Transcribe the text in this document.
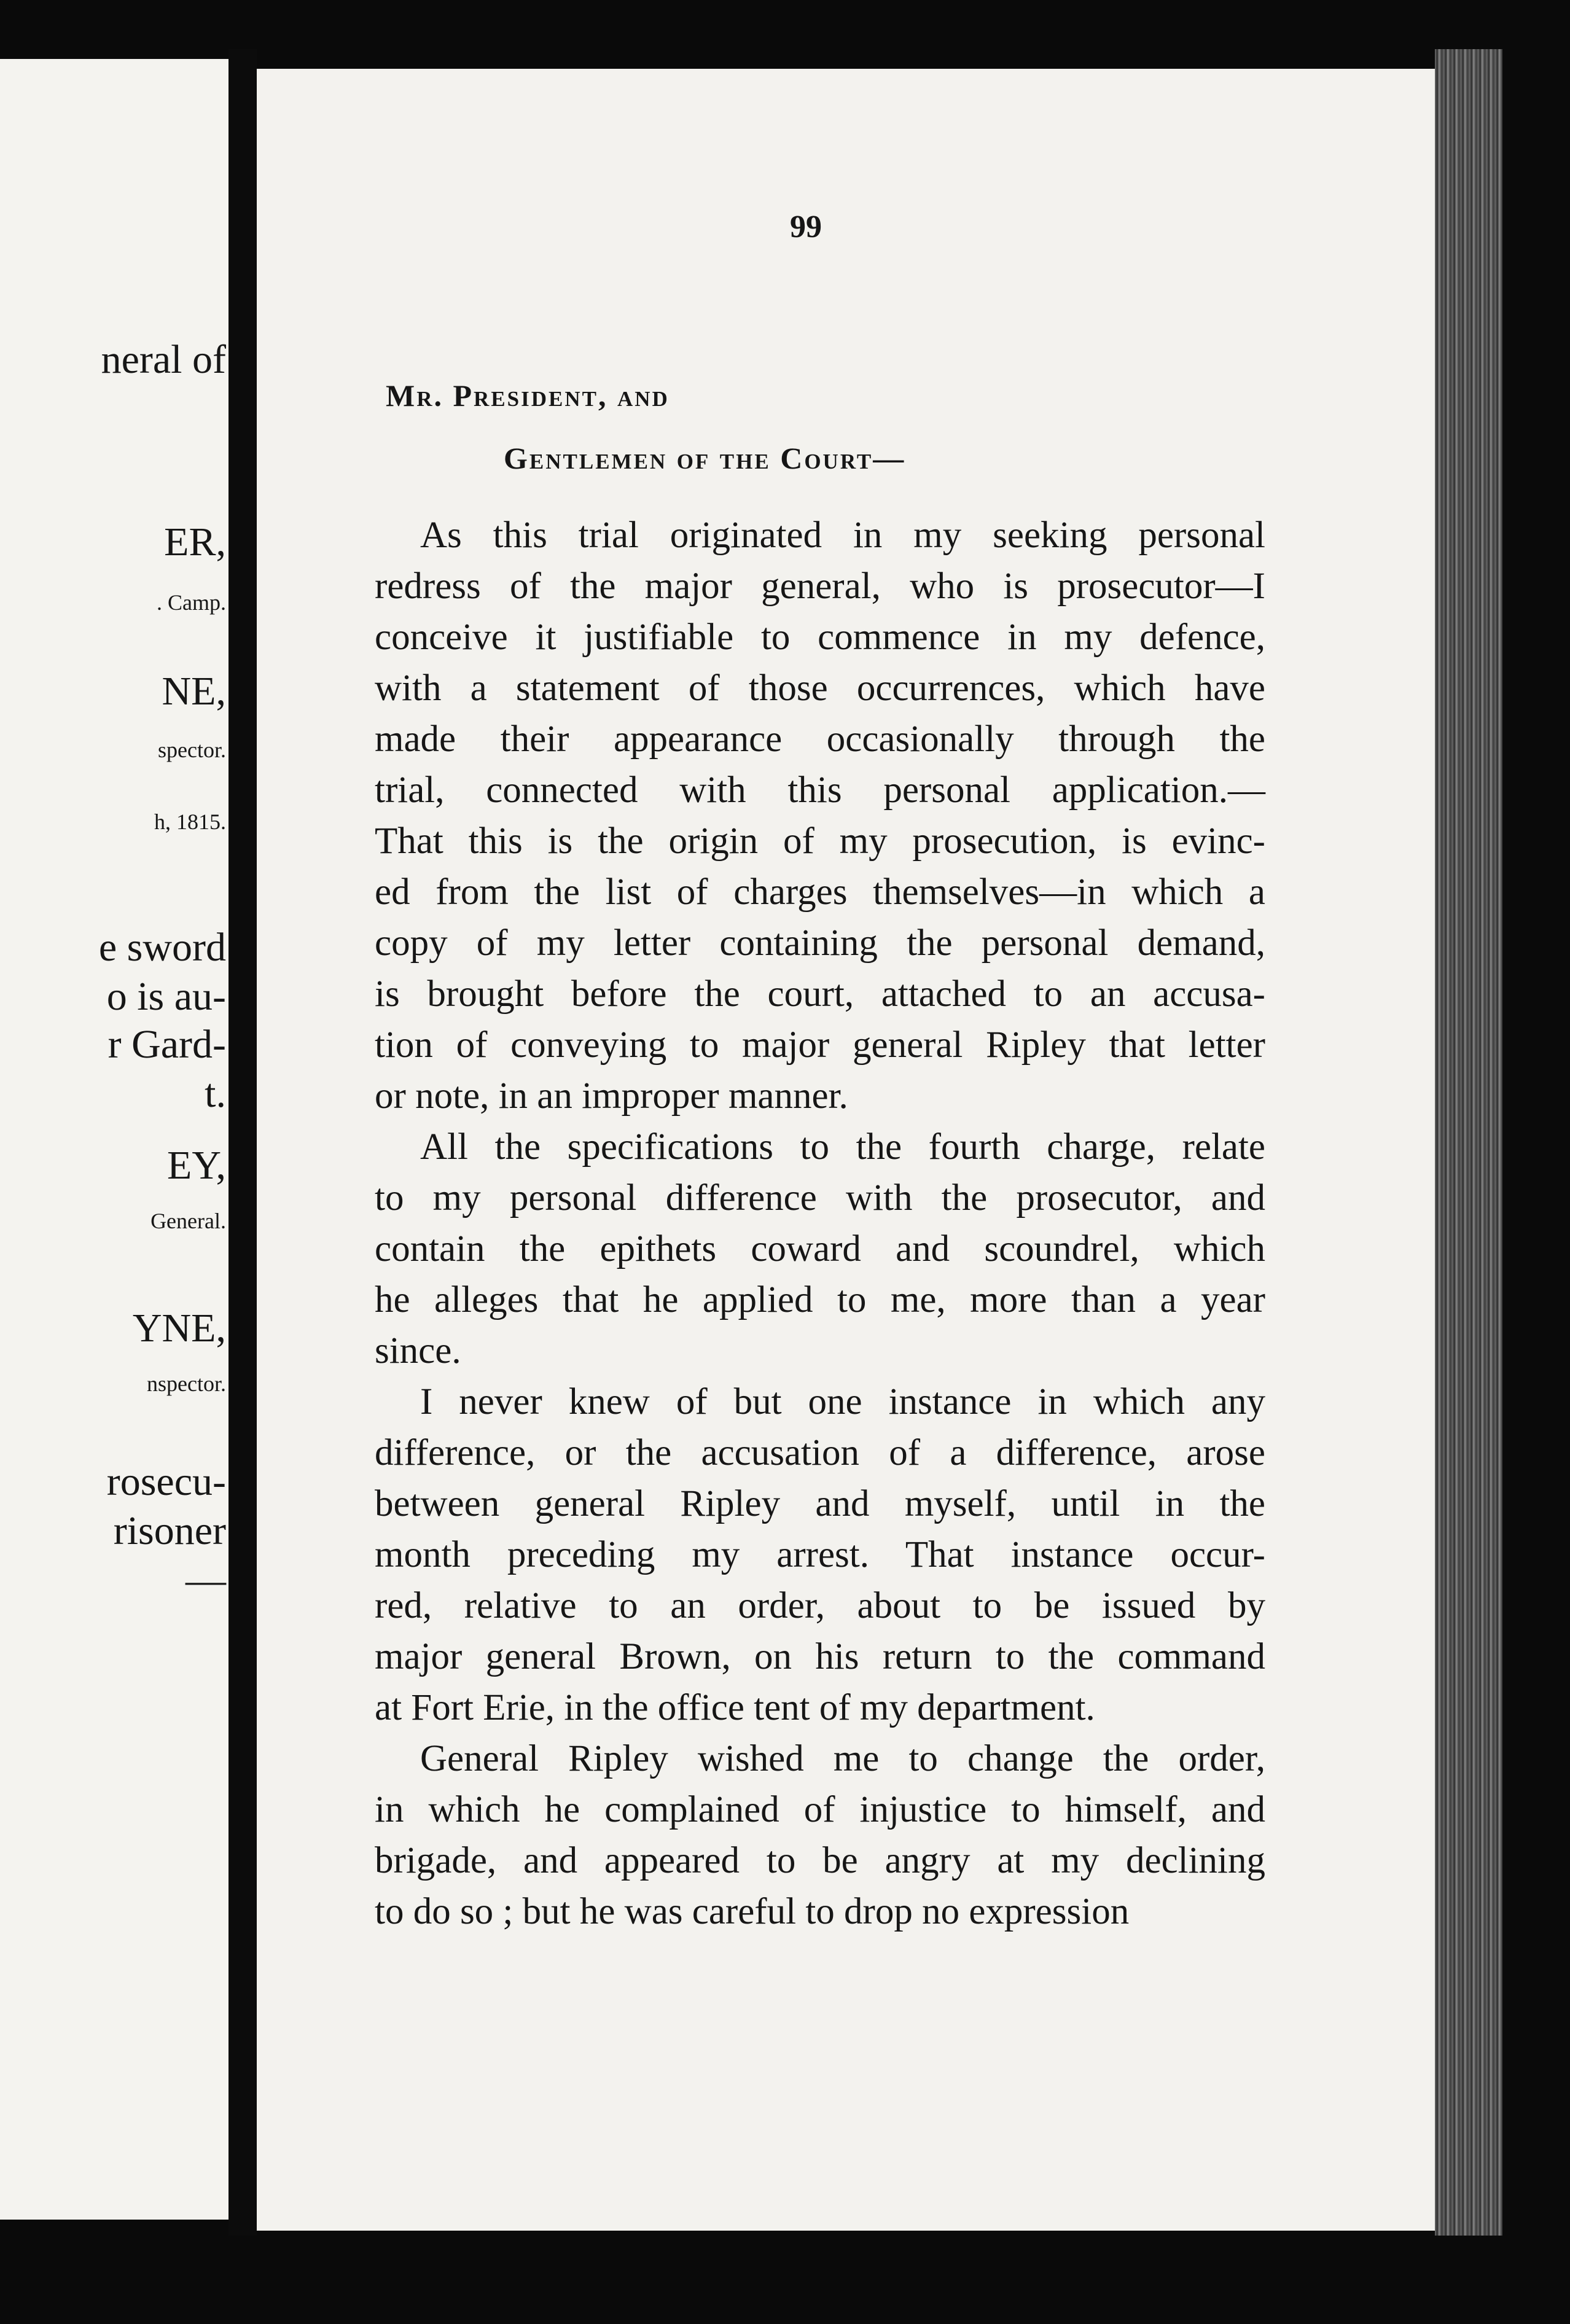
neral of
ER,
. Camp.
NE,
spector.
h, 1815.
e sword
o is au-
r Gard-
t.
EY,
General.
YNE,
nspector.
rosecu-
risoner
—
99
Mr. President, and
Gentlemen of the Court—
As this trial originated in my seeking personal
redress of the major general, who is prosecutor—I
conceive it justifiable to commence in my defence,
with a statement of those occurrences, which have
made their appearance occasionally through the
trial, connected with this personal application.—
That this is the origin of my prosecution, is evinc-
ed from the list of charges themselves—in which a
copy of my letter containing the personal demand,
is brought before the court, attached to an accusa-
tion of conveying to major general Ripley that letter
or note, in an improper manner.
All the specifications to the fourth charge, relate
to my personal difference with the prosecutor, and
contain the epithets coward and scoundrel, which
he alleges that he applied to me, more than a year
since.
I never knew of but one instance in which any
difference, or the accusation of a difference, arose
between general Ripley and myself, until in the
month preceding my arrest. That instance occur-
red, relative to an order, about to be issued by
major general Brown, on his return to the command
at Fort Erie, in the office tent of my department.
General Ripley wished me to change the order,
in which he complained of injustice to himself, and
brigade, and appeared to be angry at my declining
to do so ; but he was careful to drop no expression
